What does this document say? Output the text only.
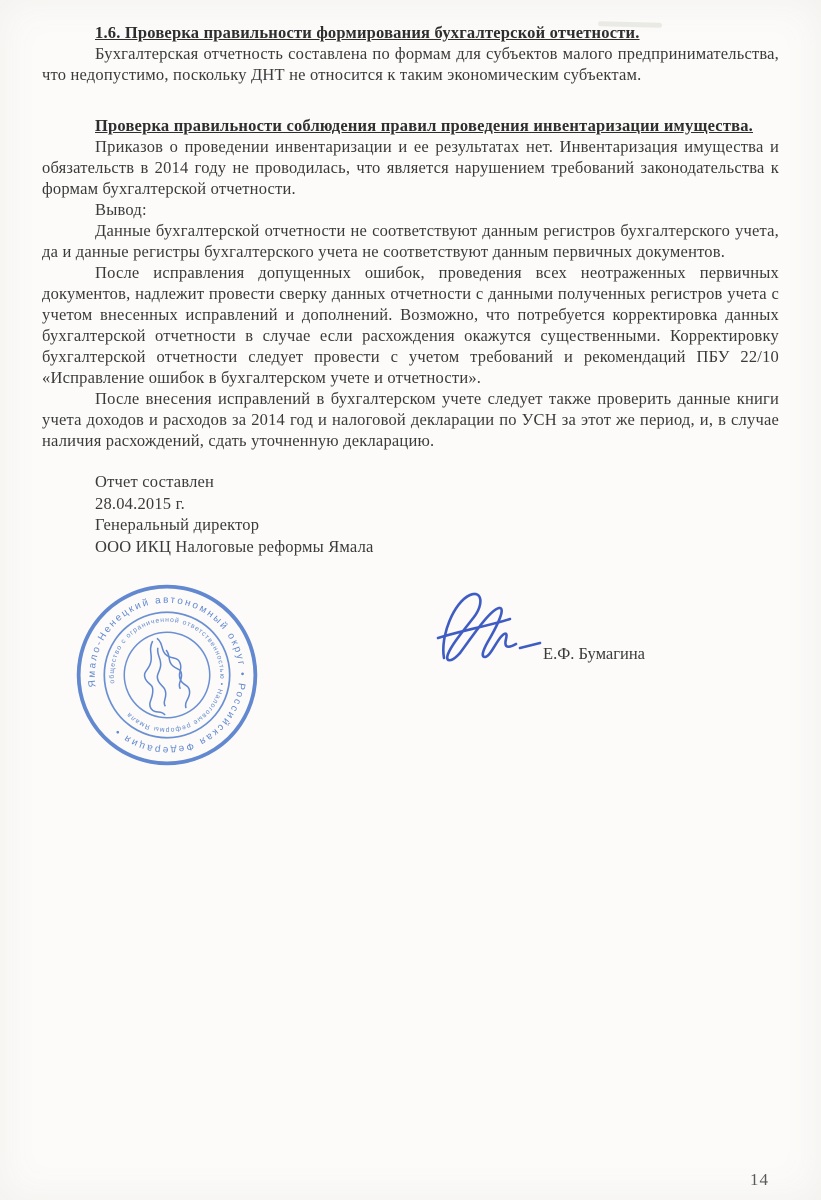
1.6. Проверка правильности формирования бухгалтерской отчетности.

Бухгалтерская отчетность составлена по формам для субъектов малого предпринимательства, что недопустимо, поскольку ДНТ не относится к таким экономическим субъектам.

Проверка правильности соблюдения правил проведения инвентаризации имущества.

Приказов о проведении инвентаризации и ее результатах нет. Инвентаризация имущества и обязательств в 2014 году не проводилась, что является нарушением требований законодательства к формам бухгалтерской отчетности.

Вывод:

Данные бухгалтерской отчетности не соответствуют данным регистров бухгалтерского учета, да и данные регистры бухгалтерского учета не соответствуют данным первичных документов.

После исправления допущенных ошибок, проведения всех неотраженных первичных документов, надлежит провести сверку данных отчетности с данными полученных регистров учета с учетом внесенных исправлений и дополнений. Возможно, что потребуется корректировка данных бухгалтерской отчетности в случае если расхождения окажутся существенными. Корректировку бухгалтерской отчетности следует провести с учетом требований и рекомендаций ПБУ 22/10 «Исправление ошибок в бухгалтерском учете и отчетности».

После внесения исправлений в бухгалтерском учете следует также проверить данные книги учета доходов и расходов за 2014 год и налоговой декларации по УСН за этот же период, и, в случае наличия расхождений, сдать уточненную декларацию.

Отчет составлен

28.04.2015 г.

Генеральный директор

ООО ИКЦ Налоговые реформы Ямала

Е.Ф. Бумагина
Ямало-Ненецкий автономный округ • Российская Федерация •
общество с ограниченной ответственностью • Налоговые реформы Ямала
14
